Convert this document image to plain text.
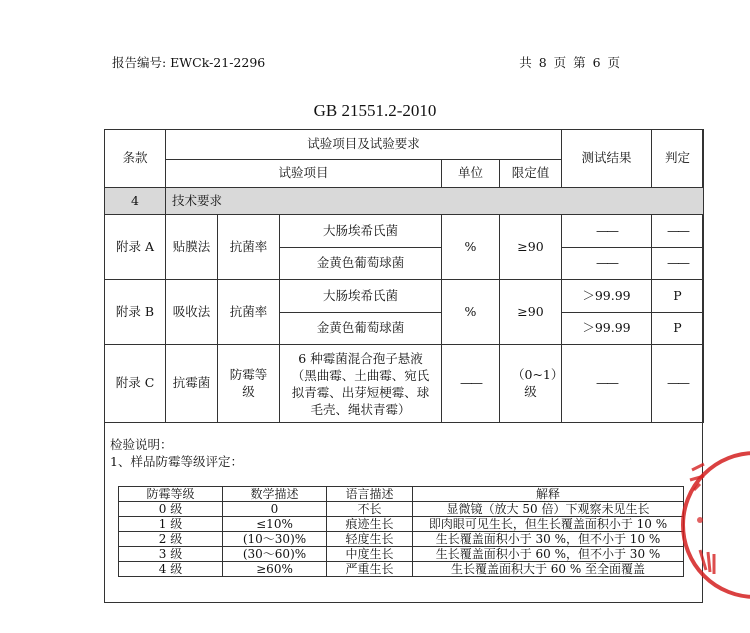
报告编号: EWCk-21-2296	共 8 页 第 6 页
GB 21551.2-2010
条款	试验项目及试验要求					测试结果	判定
	试验项目			单位	限定值		
4	技术要求						
附录 A	贴膜法	抗菌率	大肠埃希氏菌	%	≥90	——	——
			金黄色葡萄球菌			——	——
附录 B	吸收法	抗菌率	大肠埃希氏菌	%	≥90	＞99.99	P
			金黄色葡萄球菌			＞99.99	P
附录 C	抗霉菌	防霉等级	6 种霉菌混合孢子悬液（黑曲霉、土曲霉、宛氏拟青霉、出芽短梗霉、球毛壳、绳状青霉）	——	（0~1）级	——	——
检验说明：
1、样品防霉等级评定：
防霉等级	数学描述	语言描述	解释
0 级	0	不长	显微镜（放大 50 倍）下观察未见生长
1 级	≤10%	痕迹生长	即肉眼可见生长，但生长覆盖面积小于 10 %
2 级	(10～30)%	轻度生长	生长覆盖面积小于 30 %，但不小于 10 %
3 级	(30～60)%	中度生长	生长覆盖面积小于 60 %，但不小于 30 %
4 级	≥60%	严重生长	生长覆盖面积大于 60 % 至全面覆盖
